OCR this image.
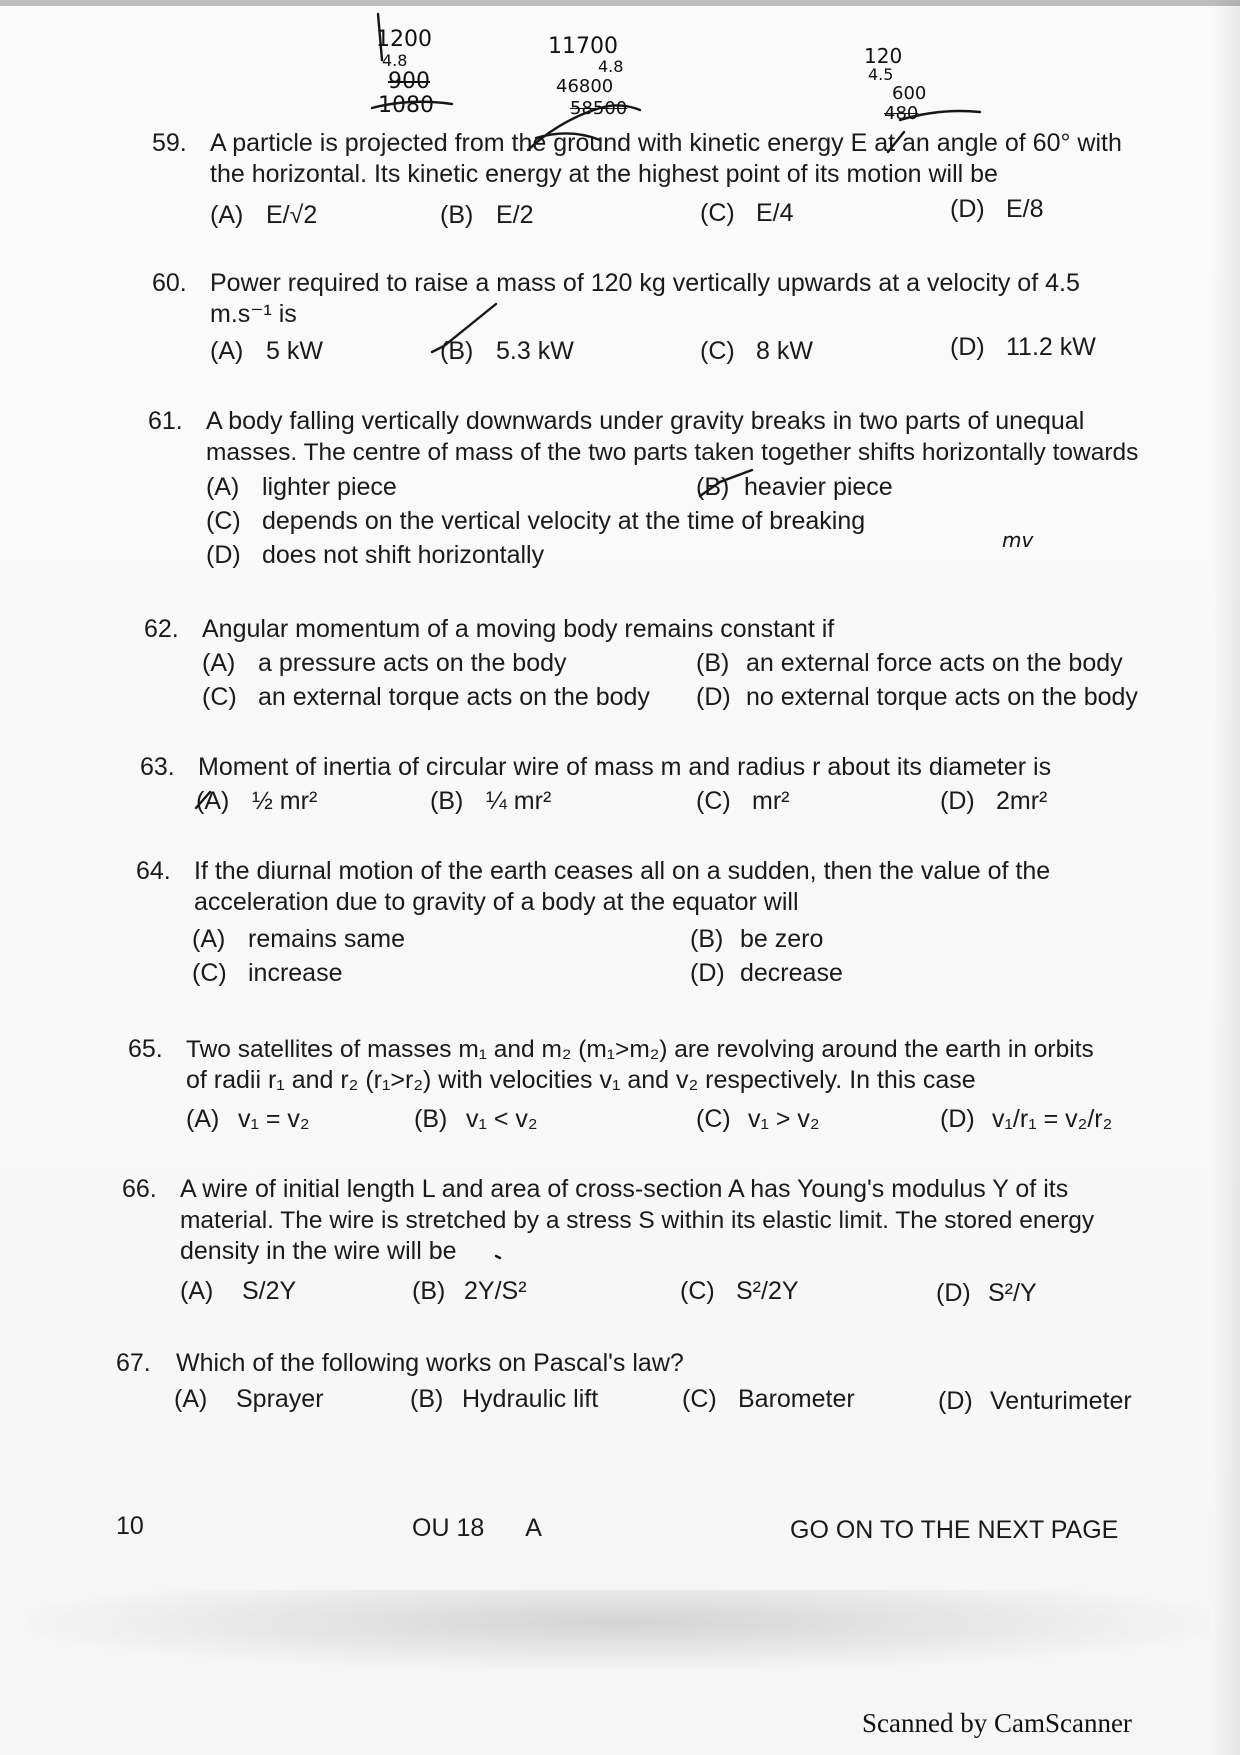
1200
4.8
900
1080
11700
4.8
46800
58500
120
4.5
600
480
mv
59. A particle is projected from the ground with kinetic energy E at an angle of 60° with
the horizontal. Its kinetic energy at the highest point of its motion will be
(A) E/√2	(B) E/2	(C) E/4	(D) E/8
60. Power required to raise a mass of 120 kg vertically upwards at a velocity of 4.5
m.s⁻¹ is
(A) 5 kW	(B) 5.3 kW	(C) 8 kW	(D) 11.2 kW
61. A body falling vertically downwards under gravity breaks in two parts of unequal
masses. The centre of mass of the two parts taken together shifts horizontally towards
(A) lighter piece	(B) heavier piece
(C) depends on the vertical velocity at the time of breaking
(D) does not shift horizontally
62. Angular momentum of a moving body remains constant if
(A) a pressure acts on the body	(B) an external force acts on the body
(C) an external torque acts on the body (D) no external torque acts on the body
63. Moment of inertia of circular wire of mass m and radius r about its diameter is
(A) ½ mr²	(B) ¼ mr²	(C) mr²	(D) 2mr²
64. If the diurnal motion of the earth ceases all on a sudden, then the value of the
acceleration due to gravity of a body at the equator will
(A) remains same	(B) be zero
(C) increase	(D) decrease
65. Two satellites of masses m₁ and m₂ (m₁>m₂) are revolving around the earth in orbits
of radii r₁ and r₂ (r₁>r₂) with velocities v₁ and v₂ respectively. In this case
(A) v₁ = v₂	(B) v₁ < v₂	(C) v₁ > v₂	(D) v₁/r₁ = v₂/r₂
66. A wire of initial length L and area of cross-section A has Young's modulus Y of its
material. The wire is stretched by a stress S within its elastic limit. The stored energy
density in the wire will be
(A) S/2Y	(B) 2Y/S²	(C) S²/2Y	(D) S²/Y
67. Which of the following works on Pascal's law?
(A) Sprayer	(B) Hydraulic lift	(C) Barometer	(D) Venturimeter
10	OU 18 A	GO ON TO THE NEXT PAGE
Scanned by CamScanner
